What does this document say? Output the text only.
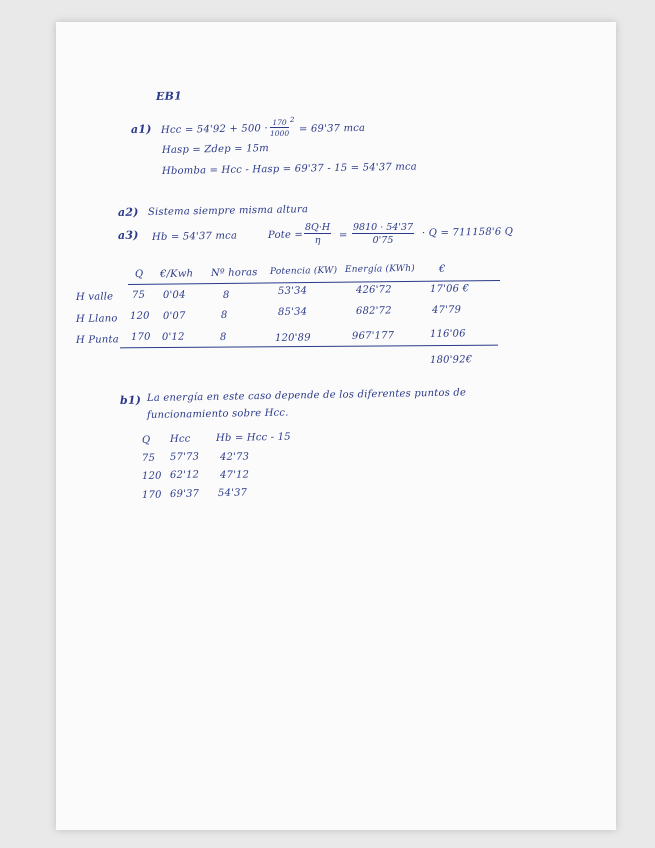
EB1
a1) Hcc = $54'92 + 500 \cdot \frac{170}{1000} 2$
= 69'37 mca
Hasp = Zdep = 15m
Hbomba = Hcc - Hasp = 69'37 - 15 = 54'37 mca
a2) Sistema siempre misma altura
a3) Hb = 54'37 mca	Pote = $\frac{8Q\cdot H}{\eta} = \frac{9810 \cdot 54'37}{0'75} \cdot Q = 711158'6$ Q
Q €/Kwh Nº horas Potencia (KW) Energía (KWh) €
H valle 75 0'04	8	53'34	426'72	17'06 €
H Llano 120 0'07	8	85'34	682'72	47'79
H Punta 170 0'12	8	120'89	967'177	116'06
180'92€
b1) La energía en este caso depende de los diferentes puntos de
funcionamiento sobre Hcc.
Q Hcc	Hb = Hcc - 15
75 57'73 42'73
120 62'12 47'12
170 69'37 54'37
